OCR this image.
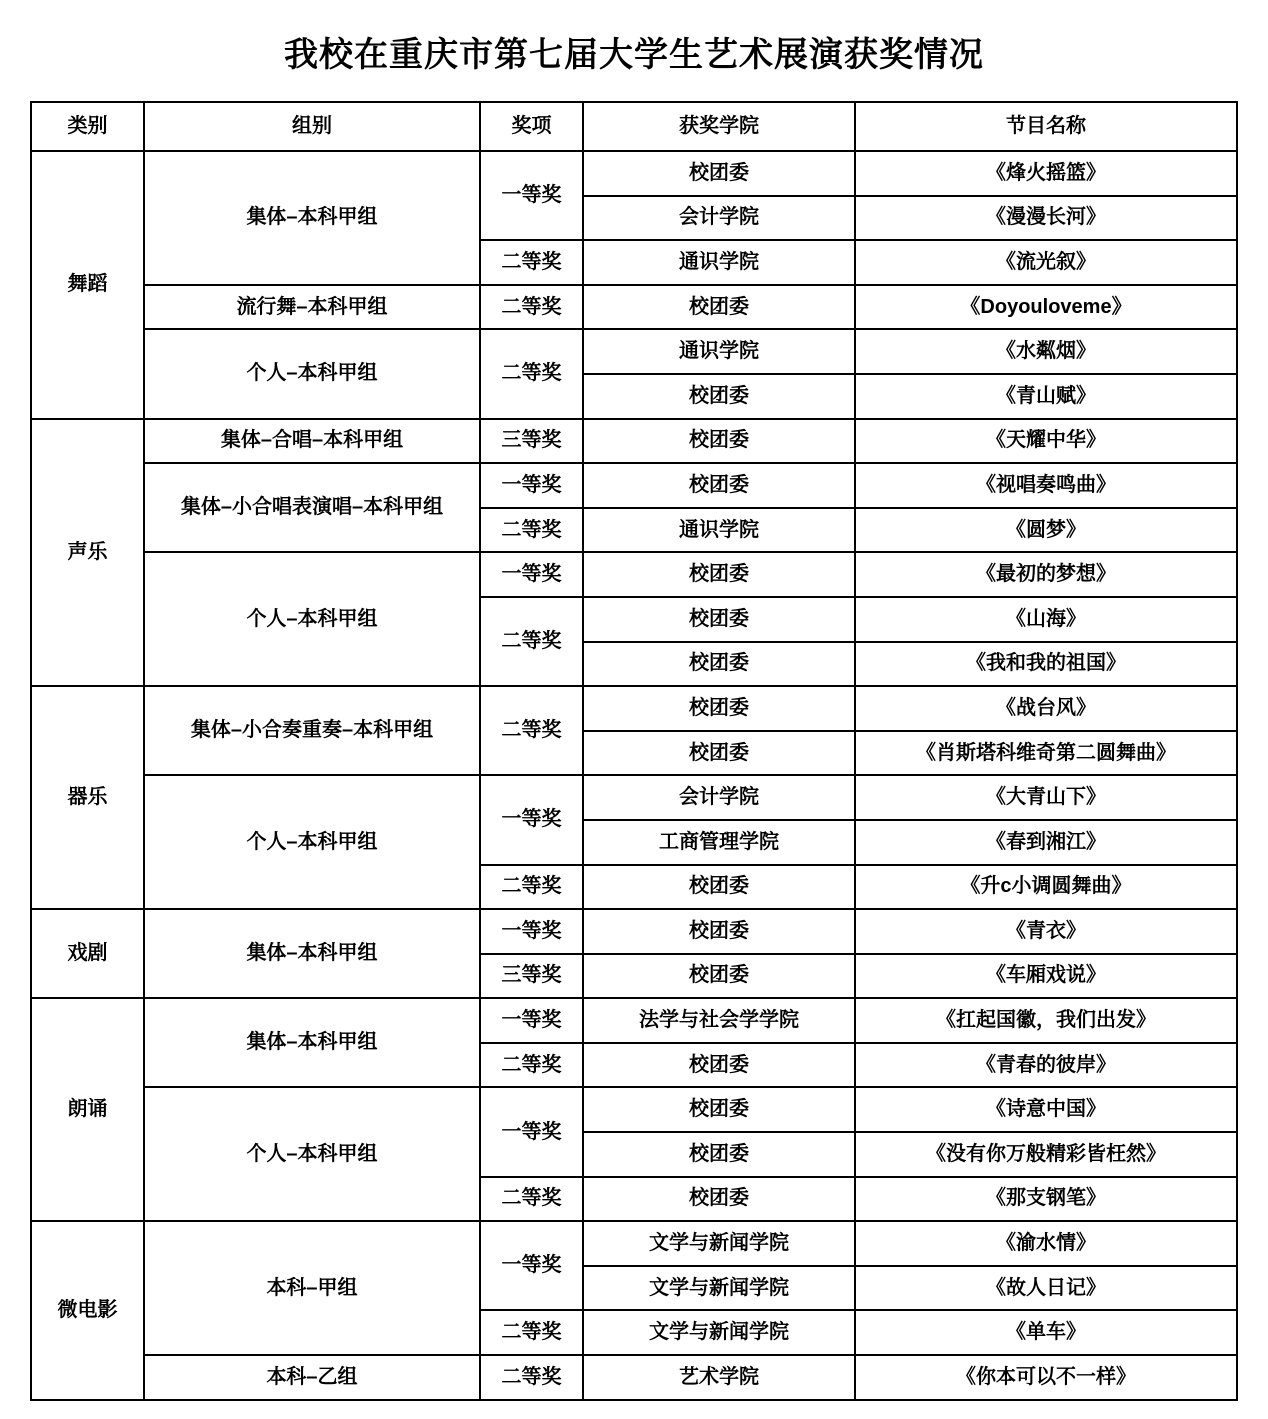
我校在重庆市第七届大学生艺术展演获奖情况
类别	组别	奖项	获奖学院	节目名称
舞蹈	集体–本科甲组	一等奖	校团委	《烽火摇篮》
			会计学院	《漫漫长河》
		二等奖	通识学院	《流光叙》
	流行舞–本科甲组	二等奖	校团委	《Doyouloveme》
	个人–本科甲组	二等奖	通识学院	《水粼烟》
			校团委	《青山赋》
声乐	集体–合唱–本科甲组	三等奖	校团委	《天耀中华》
	集体–小合唱表演唱–本科甲组	一等奖	校团委	《视唱奏鸣曲》
		二等奖	通识学院	《圆梦》
	个人–本科甲组	一等奖	校团委	《最初的梦想》
		二等奖	校团委	《山海》
			校团委	《我和我的祖国》
器乐	集体–小合奏重奏–本科甲组	二等奖	校团委	《战台风》
			校团委	《肖斯塔科维奇第二圆舞曲》
	个人–本科甲组	一等奖	会计学院	《大青山下》
			工商管理学院	《春到湘江》
		二等奖	校团委	《升c小调圆舞曲》
戏剧	集体–本科甲组	一等奖	校团委	《青衣》
		三等奖	校团委	《车厢戏说》
朗诵	集体–本科甲组	一等奖	法学与社会学学院	《扛起国徽，我们出发》
		二等奖	校团委	《青春的彼岸》
	个人–本科甲组	一等奖	校团委	《诗意中国》
			校团委	《没有你万般精彩皆枉然》
		二等奖	校团委	《那支钢笔》
微电影	本科–甲组	一等奖	文学与新闻学院	《渝水情》
			文学与新闻学院	《故人日记》
		二等奖	文学与新闻学院	《单车》
	本科–乙组	二等奖	艺术学院	《你本可以不一样》
